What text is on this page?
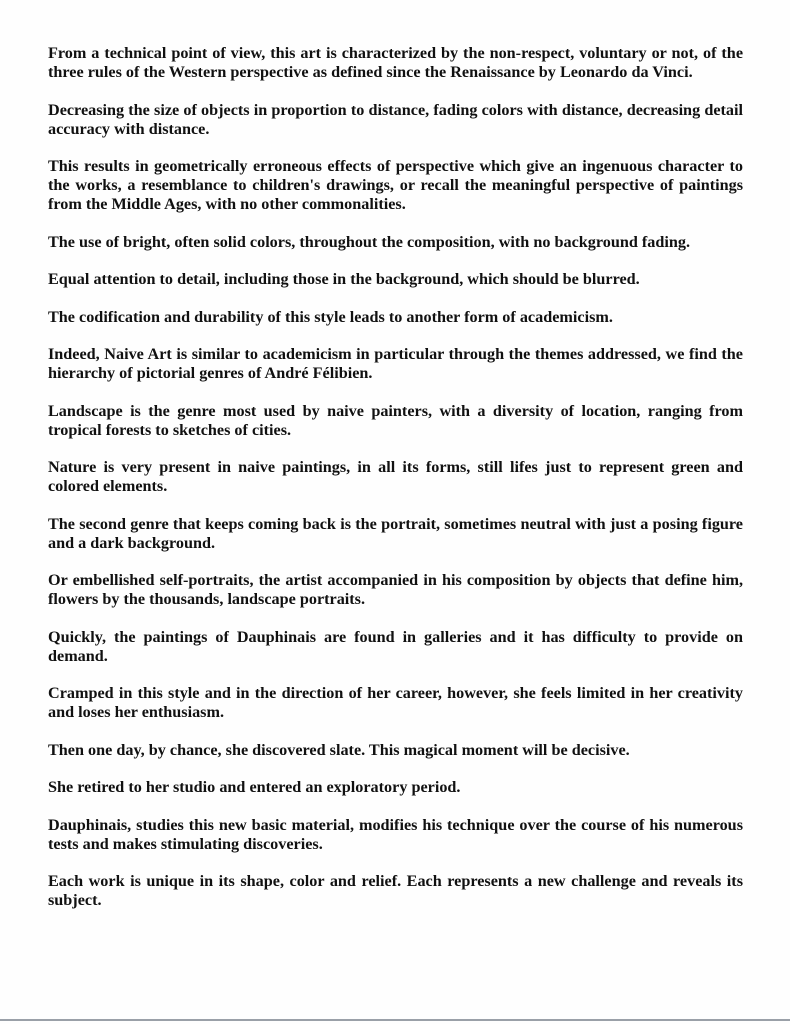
From a technical point of view, this art is characterized by the non-respect, voluntary or not, of the three rules of the Western perspective as defined since the Renaissance by Leonardo da Vinci.

Decreasing the size of objects in proportion to distance, fading colors with distance, decreasing detail accuracy with distance.

This results in geometrically erroneous effects of perspective which give an ingenuous character to the works, a resemblance to children's drawings, or recall the meaningful perspective of paintings from the Middle Ages, with no other commonalities.

The use of bright, often solid colors, throughout the composition, with no background fading.

Equal attention to detail, including those in the background, which should be blurred.

The codification and durability of this style leads to another form of academicism.

Indeed, Naive Art is similar to academicism in particular through the themes addressed, we find the hierarchy of pictorial genres of André Félibien.

Landscape is the genre most used by naive painters, with a diversity of location, ranging from tropical forests to sketches of cities.

Nature is very present in naive paintings, in all its forms, still lifes just to represent green and colored elements.

The second genre that keeps coming back is the portrait, sometimes neutral with just a posing figure and a dark background.

Or embellished self-portraits, the artist accompanied in his composition by objects that define him, flowers by the thousands, landscape portraits.

Quickly, the paintings of Dauphinais are found in galleries and it has difficulty to provide on demand.

Cramped in this style and in the direction of her career, however, she feels limited in her creativity and loses her enthusiasm.

Then one day, by chance, she discovered slate. This magical moment will be decisive.

She retired to her studio and entered an exploratory period.

Dauphinais, studies this new basic material, modifies his technique over the course of his numerous tests and makes stimulating discoveries.

Each work is unique in its shape, color and relief. Each represents a new challenge and reveals its subject.
